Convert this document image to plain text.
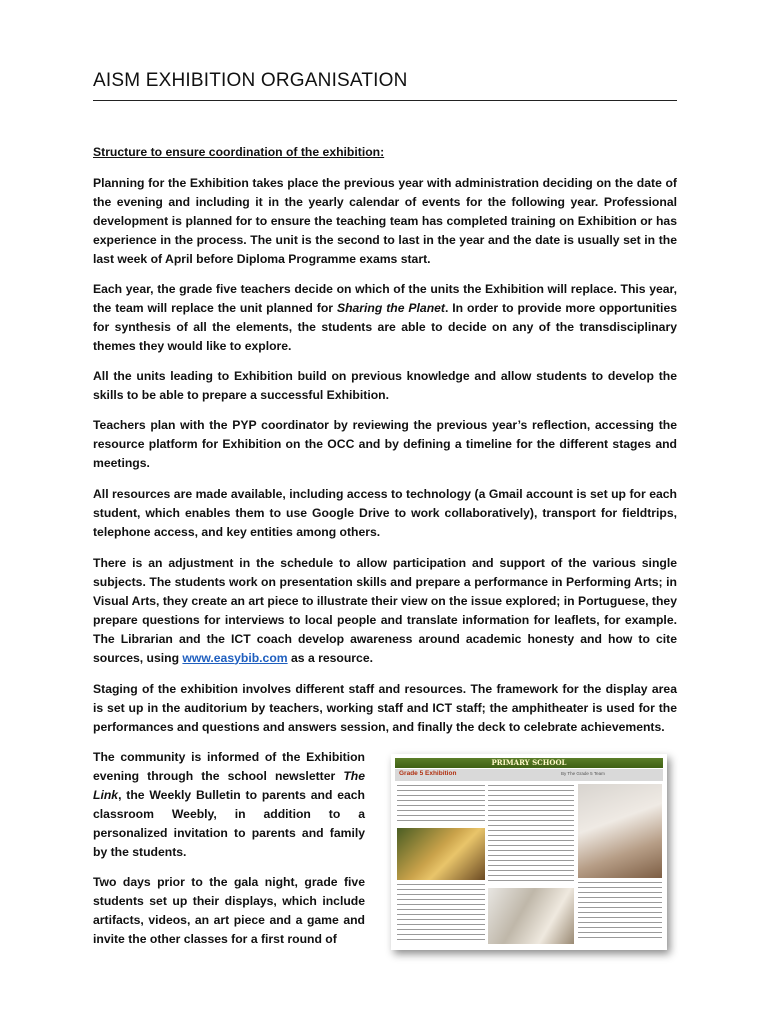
AISM EXHIBITION ORGANISATION
Structure to ensure coordination of the exhibition:
Planning for the Exhibition takes place the previous year with administration deciding on the date of the evening and including it in the yearly calendar of events for the following year. Professional development is planned for to ensure the teaching team has completed training on Exhibition or has experience in the process. The unit is the second to last in the year and the date is usually set in the last week of April before Diploma Programme exams start.
Each year, the grade five teachers decide on which of the units the Exhibition will replace. This year, the team will replace the unit planned for Sharing the Planet. In order to provide more opportunities for synthesis of all the elements, the students are able to decide on any of the transdisciplinary themes they would like to explore.
All the units leading to Exhibition build on previous knowledge and allow students to develop the skills to be able to prepare a successful Exhibition.
Teachers plan with the PYP coordinator by reviewing the previous year’s reflection, accessing the resource platform for Exhibition on the OCC and by defining a timeline for the different stages and meetings.
All resources are made available, including access to technology (a Gmail account is set up for each student, which enables them to use Google Drive to work collaboratively), transport for fieldtrips, telephone access, and key entities among others.
There is an adjustment in the schedule to allow participation and support of the various single subjects. The students work on presentation skills and prepare a performance in Performing Arts; in Visual Arts, they create an art piece to illustrate their view on the issue explored; in Portuguese, they prepare questions for interviews to local people and translate information for leaflets, for example. The Librarian and the ICT coach develop awareness around academic honesty and how to cite sources, using www.easybib.com as a resource.
Staging of the exhibition involves different staff and resources. The framework for the display area is set up in the auditorium by teachers, working staff and ICT staff; the amphitheater is used for the performances and questions and answers session, and finally the deck to celebrate achievements.
The community is informed of the Exhibition evening through the school newsletter The Link, the Weekly Bulletin to parents and each classroom Weebly, in addition to a personalized invitation to parents and family by the students.
Two days prior to the gala night, grade five students set up their displays, which include artifacts, videos, an art piece and a game and invite the other classes for a first round of
PRIMARY SCHOOL
Grade 5 Exhibition	By The Grade 5 Team
